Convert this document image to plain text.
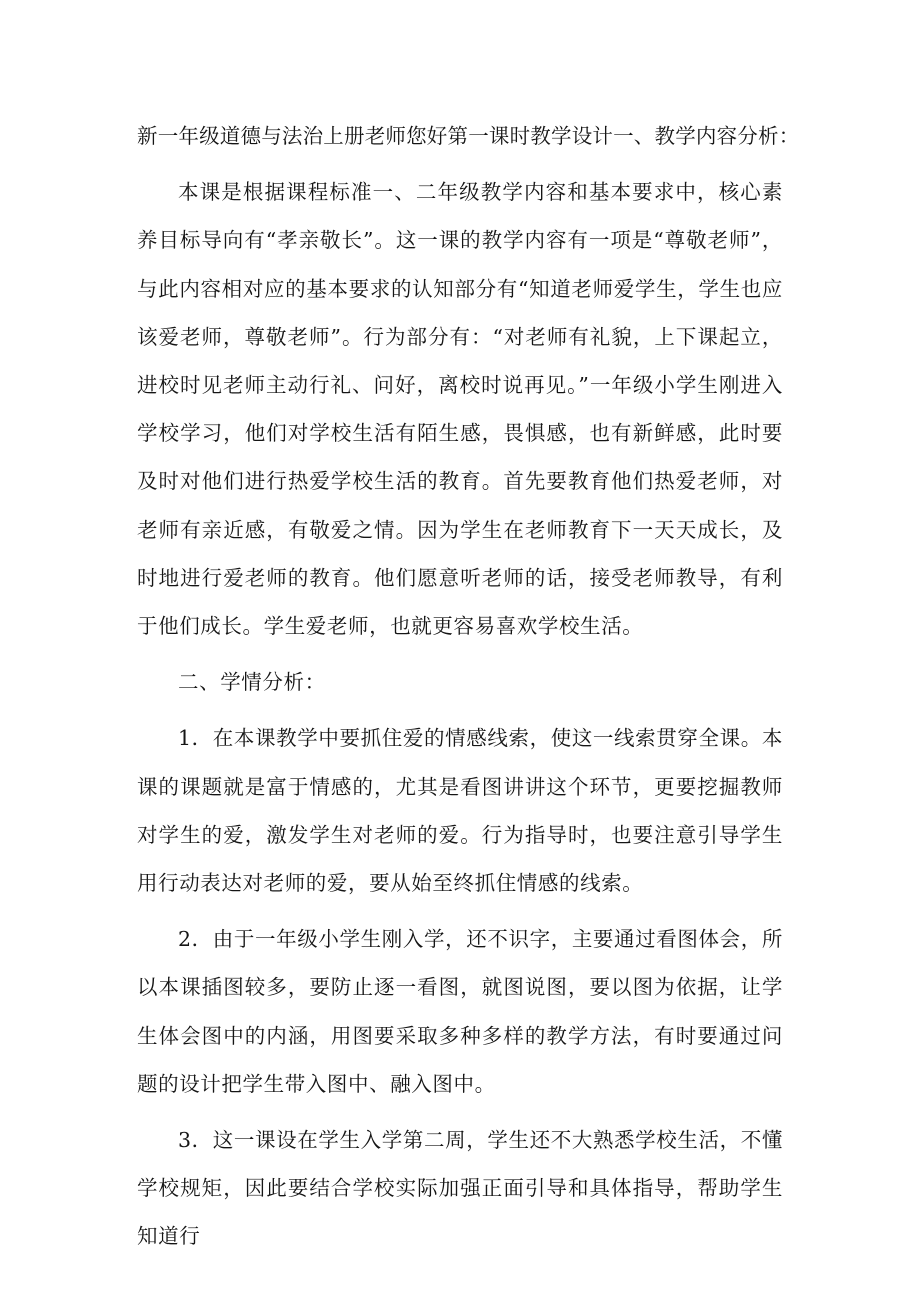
新一年级道德与法治上册老师您好第一课时教学设计一、教学内容分析：

本课是根据课程标准一、二年级教学内容和基本要求中，核心素养目标导向有“孝亲敬长”。这一课的教学内容有一项是“尊敬老师”，与此内容相对应的基本要求的认知部分有“知道老师爱学生，学生也应该爱老师，尊敬老师”。行为部分有：“对老师有礼貌，上下课起立，进校时见老师主动行礼、问好，离校时说再见。”一年级小学生刚进入学校学习，他们对学校生活有陌生感，畏惧感，也有新鲜感，此时要及时对他们进行热爱学校生活的教育。首先要教育他们热爱老师，对老师有亲近感，有敬爱之情。因为学生在老师教育下一天天成长，及时地进行爱老师的教育。他们愿意听老师的话，接受老师教导，有利于他们成长。学生爱老师，也就更容易喜欢学校生活。

二、学情分析：

1．在本课教学中要抓住爱的情感线索，使这一线索贯穿全课。本课的课题就是富于情感的，尤其是看图讲讲这个环节，更要挖掘教师对学生的爱，激发学生对老师的爱。行为指导时，也要注意引导学生用行动表达对老师的爱，要从始至终抓住情感的线索。

2．由于一年级小学生刚入学，还不识字，主要通过看图体会，所以本课插图较多，要防止逐一看图，就图说图，要以图为依据，让学生体会图中的内涵，用图要采取多种多样的教学方法，有时要通过问题的设计把学生带入图中、融入图中。

3．这一课设在学生入学第二周，学生还不大熟悉学校生活，不懂学校规矩，因此要结合学校实际加强正面引导和具体指导，帮助学生知道行
